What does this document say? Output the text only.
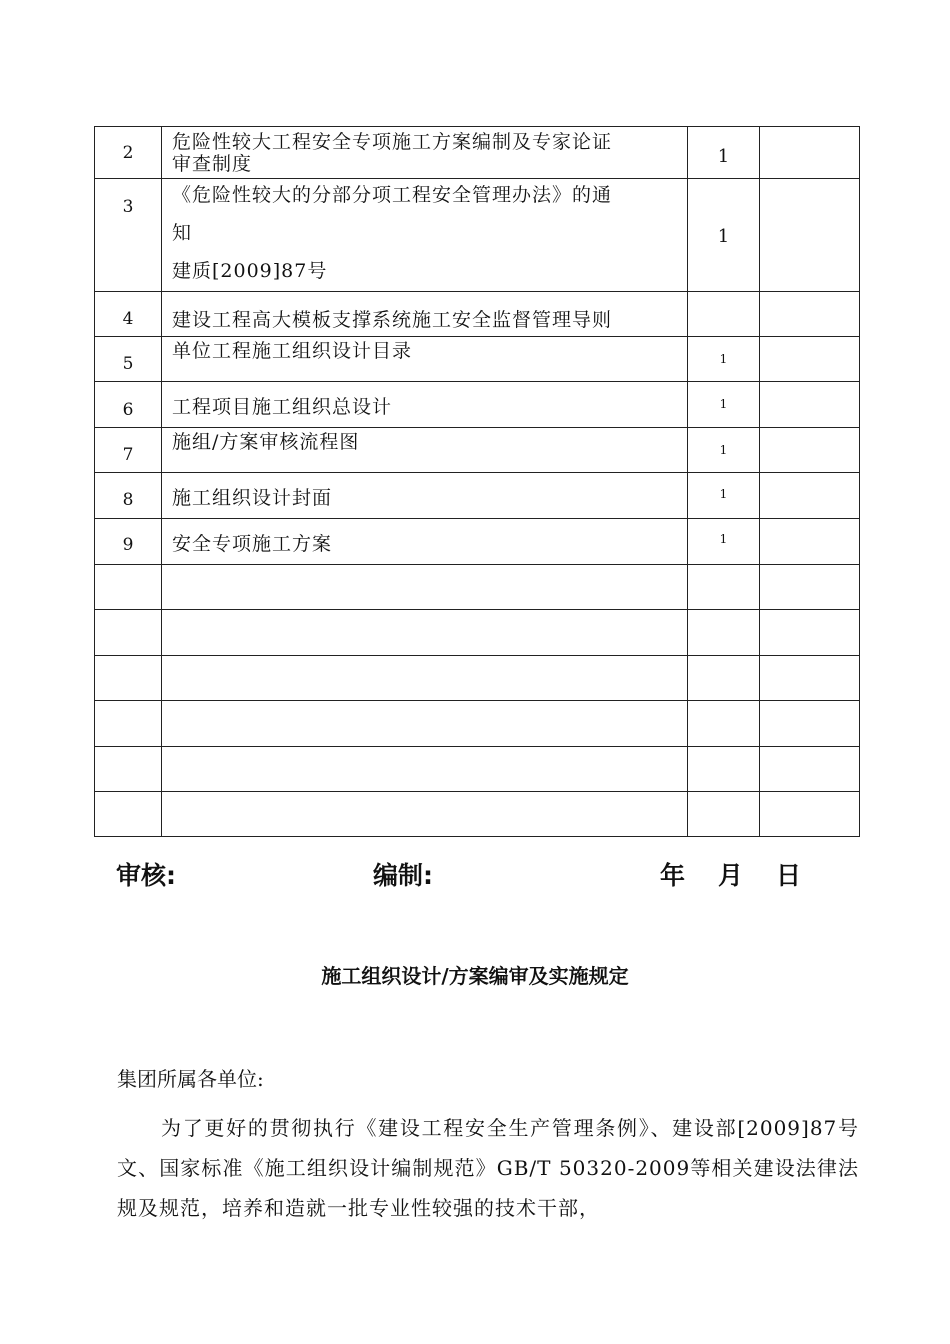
2	危险性较大工程安全专项施工方案编制及专家论证
审查制度	1	

3	《危险性较大的分部分项工程安全管理办法》的通
知
建质[2009]87号	1	

4	建设工程高大模板支撑系统施工安全监督管理导则		

5	单位工程施工组织设计目录	1	

6	工程项目施工组织总设计	1	

7	施组/方案审核流程图	1	

8	施工组织设计封面	1	

9	安全专项施工方案	1	

审核:	编制:	年 月 日
施工组织设计/方案编审及实施规定
集团所属各单位:
为了更好的贯彻执行《建设工程安全生产管理条例》、建设部[2009]87号文、国家标准《施工组织设计编制规范》GB/T 50320-2009等相关建设法律法规及规范，培养和造就一批专业性较强的技术干部，
